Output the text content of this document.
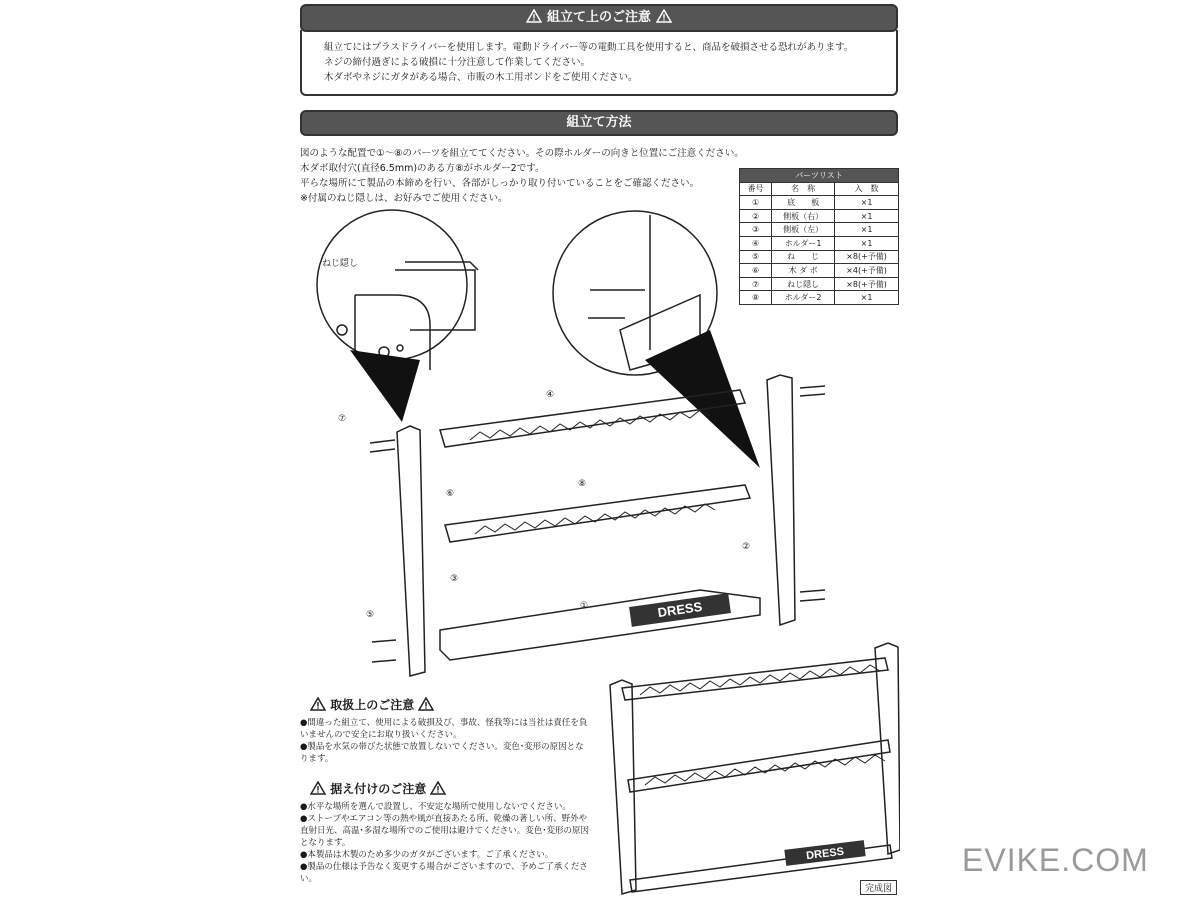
組立て上のご注意
組立てにはプラスドライバーを使用します。電動ドライバー等の電動工具を使用すると、商品を破損させる恐れがあります。
ネジの締付過ぎによる破損に十分注意して作業してください。
木ダボやネジにガタがある場合、市販の木工用ボンドをご使用ください。
組立て方法
図のような配置で①～⑧のパーツを組立ててください。その際ホルダーの向きと位置にご注意ください。
木ダボ取付穴(直径6.5mm)のある方⑧がホルダー2です。
平らな場所にて製品の本締めを行い、各部がしっかり取り付いていることをご確認ください。
※付属のねじ隠しは、お好みでご使用ください。
パーツリスト		
番号	名　称	入　数
①	底　　板	×1
②	側板（右）	×1
③	側板（左）	×1
④	ホルダー1	×1
⑤	ね　　じ	×8(+予備)
⑥	木 ダ ボ	×4(+予備)
⑦	ねじ隠し	×8(+予備)
⑧	ホルダー2	×1
DRESS
ねじ隠し
①
②
③
④
⑤
⑥
⑧
⑦
取扱上のご注意
●間違った組立て、使用による破損及び、事故、怪我等には当社は責任を負いませんので安全にお取り扱いください。
●製品を水気の帯びた状態で放置しないでください。変色･変形の原因となります。
据え付けのご注意
●水平な場所を選んで設置し、不安定な場所で使用しないでください。
●ストーブやエアコン等の熱や風が直接あたる所、乾燥の著しい所、野外や直射日光、高温･多湿な場所でのご使用は避けてください。変色･変形の原因となります。
●本製品は木製のため多少のガタがございます。ご了承ください。
●製品の仕様は予告なく変更する場合がございますので、予めご了承ください。
DRESS
完成図
EVIKE.COM
